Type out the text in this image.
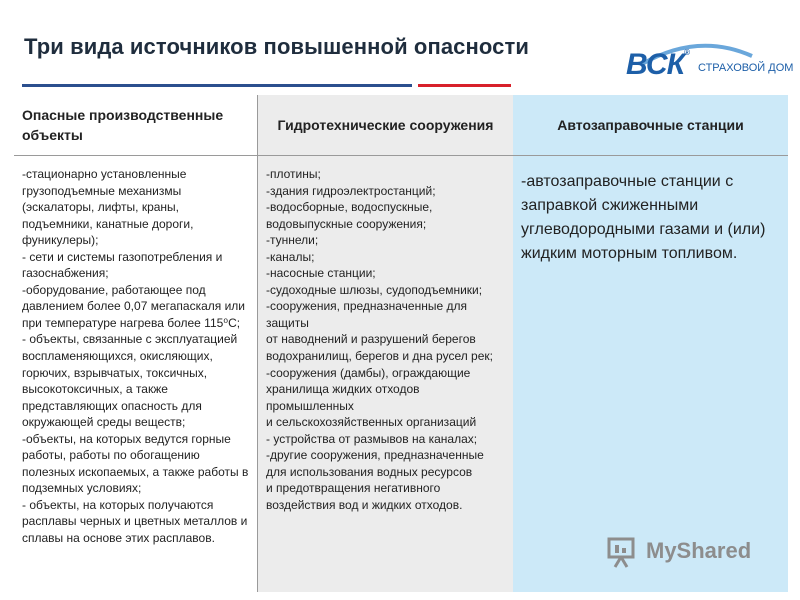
Три вида источников повышенной опасности
ВСК®
СТРАХОВОЙ ДОМ
Опасные производственные объекты
Гидротехнические сооружения	Автозаправочные станции
-стационарно установленные грузоподъемные механизмы (эскалаторы, лифты, краны, подъемники, канатные дороги, фуникулеры);
- сети и системы газопотребления и газоснабжения;
-оборудование, работающее под давлением более 0,07 мегапаскаля или при температуре нагрева более 115⁰С;
- объекты, связанные с эксплуатацией воспламеняющихся, окисляющих, горючих, взрывчатых, токсичных, высокотоксичных, а также представляющих опасность для окружающей среды веществ;
-объекты, на которых ведутся горные работы, работы по обогащению полезных ископаемых, а также работы в подземных условиях;
- объекты, на которых получаются расплавы черных и цветных металлов и сплавы на основе этих расплавов.
-плотины;
-здания гидроэлектростанций;
-водосборные, водоспускные, водовыпускные сооружения;
-туннели;
-каналы;
-насосные станции;
-судоходные шлюзы, судоподъемники;
-сооружения, предназначенные для защиты
от наводнений и разрушений берегов водохранилищ, берегов и дна русел рек;
-сооружения (дамбы), ограждающие хранилища жидких отходов промышленных
и сельскохозяйственных организаций
- устройства от размывов на каналах;
-другие сооружения, предназначенные для использования водных ресурсов
и предотвращения негативного воздействия вод и жидких отходов.
-автозаправочные станции с заправкой сжиженными углеводородными газами и (или) жидким моторным топливом.
MyShared
